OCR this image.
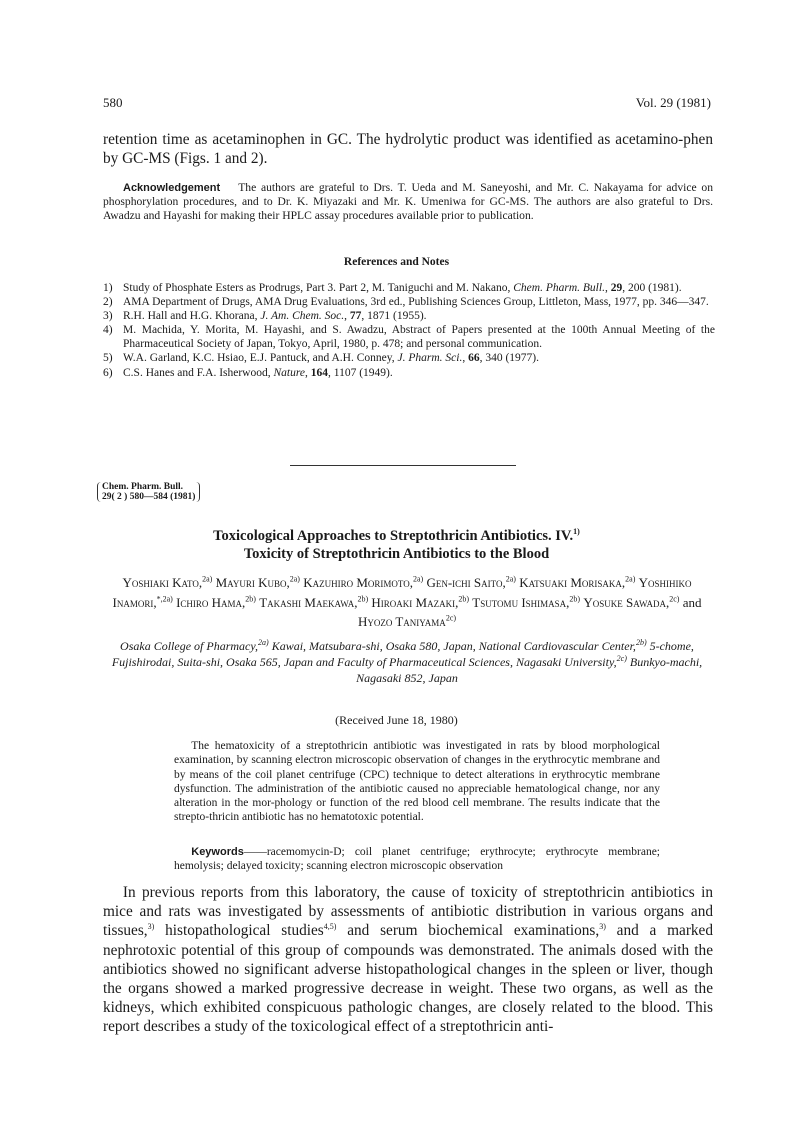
580	Vol. 29 (1981)

retention time as acetaminophen in GC. The hydrolytic product was identified as acetamino-phen by GC-MS (Figs. 1 and 2).

Acknowledgement The authors are grateful to Drs. T. Ueda and M. Saneyoshi, and Mr. C. Nakayama for advice on phosphorylation procedures, and to Dr. K. Miyazaki and Mr. K. Umeniwa for GC-MS. The authors are also grateful to Drs. Awadzu and Hayashi for making their HPLC assay procedures available prior to publication.

References and Notes
1) Study of Phosphate Esters as Prodrugs, Part 3. Part 2, M. Taniguchi and M. Nakano, Chem. Pharm. Bull., 29, 200 (1981).
2) AMA Department of Drugs, AMA Drug Evaluations, 3rd ed., Publishing Sciences Group, Littleton, Mass, 1977, pp. 346—347.
3) R.H. Hall and H.G. Khorana, J. Am. Chem. Soc., 77, 1871 (1955).
4) M. Machida, Y. Morita, M. Hayashi, and S. Awadzu, Abstract of Papers presented at the 100th Annual Meeting of the Pharmaceutical Society of Japan, Tokyo, April, 1980, p. 478; and personal communication.
5) W.A. Garland, K.C. Hsiao, E.J. Pantuck, and A.H. Conney, J. Pharm. Sci., 66, 340 (1977).
6) C.S. Hanes and F.A. Isherwood, Nature, 164, 1107 (1949).
Chem. Pharm. Bull.
29( 2 ) 580—584 (1981)
Toxicological Approaches to Streptothricin Antibiotics. IV.$^{1)}$
Toxicity of Streptothricin Antibiotics to the Blood
Yoshiaki Kato,$^{2a)}$ Mayuri Kubo,$^{2a)}$ Kazuhiro Morimoto,$^{2a)}$ Gen-ichi Saito,$^{2a)}$ Katsuaki Morisaka,$^{2a)}$ Yoshihiko Inamori,$^{*,2a)}$ Ichiro Hama,$^{2b)}$ Takashi Maekawa,$^{2b)}$ Hiroaki Mazaki,$^{2b)}$ Tsutomu Ishimasa,$^{2b)}$ Yosuke Sawada,$^{2c)}$ and Hyozo Taniyama$^{2c)}$
Osaka College of Pharmacy,$^{2a)}$ Kawai, Matsubara-shi, Osaka 580, Japan, National Cardiovascular Center,$^{2b)}$ 5-chome, Fujishirodai, Suita-shi, Osaka 565, Japan and Faculty of Pharmaceutical Sciences, Nagasaki University,$^{2c)}$ Bunkyo-machi, Nagasaki 852, Japan
(Received June 18, 1980)

The hematoxicity of a streptothricin antibiotic was investigated in rats by blood morphological examination, by scanning electron microscopic observation of changes in the erythrocytic membrane and by means of the coil planet centrifuge (CPC) technique to detect alterations in erythrocytic membrane dysfunction. The administration of the antibiotic caused no appreciable hematological change, nor any alteration in the mor-phology or function of the red blood cell membrane. The results indicate that the strepto-thricin antibiotic has no hematotoxic potential.

Keywords——racemomycin-D; coil planet centrifuge; erythrocyte; erythrocyte membrane; hemolysis; delayed toxicity; scanning electron microscopic observation

In previous reports from this laboratory, the cause of toxicity of streptothricin antibiotics in mice and rats was investigated by assessments of antibiotic distribution in various organs and tissues,$^{3)}$ histopathological studies$^{4,5)}$ and serum biochemical examinations,$^{3)}$ and a marked nephrotoxic potential of this group of compounds was demonstrated. The animals dosed with the antibiotics showed no significant adverse histopathological changes in the spleen or liver, though the organs showed a marked progressive decrease in weight. These two organs, as well as the kidneys, which exhibited conspicuous pathologic changes, are closely related to the blood. This report describes a study of the toxicological effect of a streptothricin anti-
